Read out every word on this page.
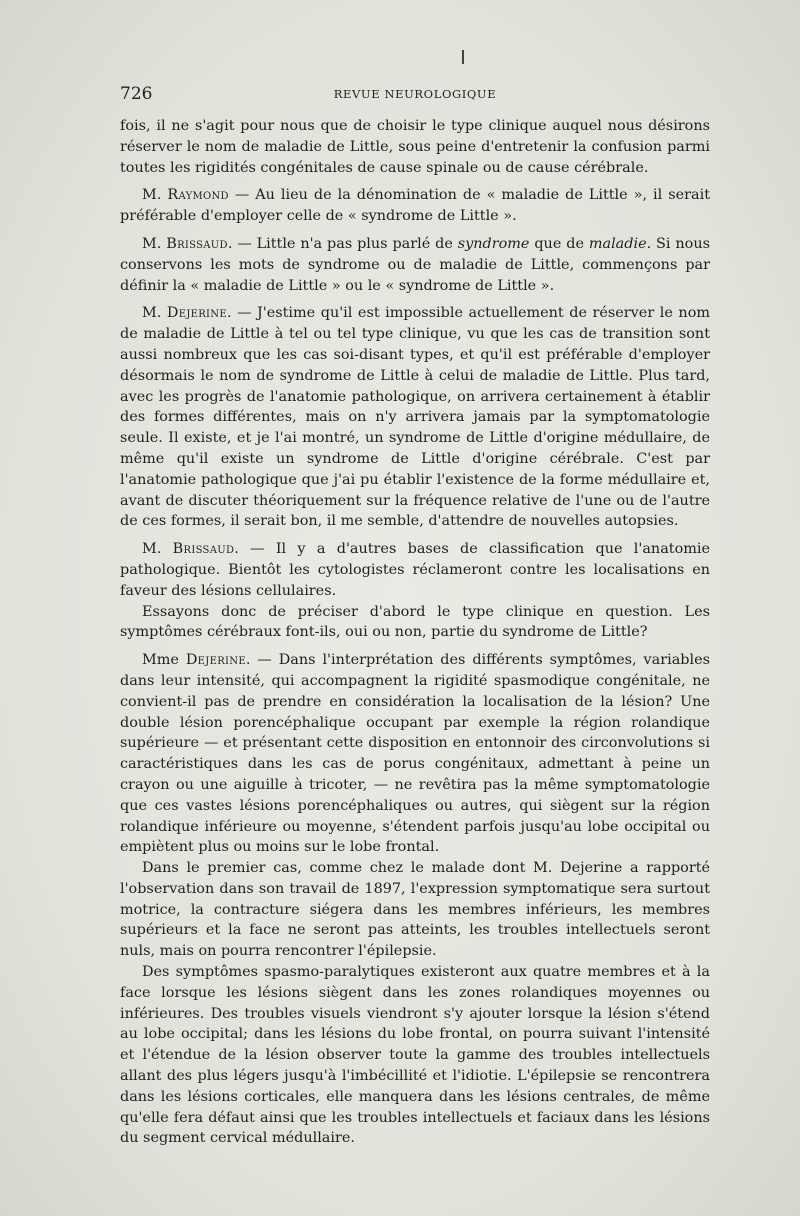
726	REVUE NEUROLOGIQUE

fois, il ne s'agit pour nous que de choisir le type clinique auquel nous désirons réserver le nom de maladie de Little, sous peine d'entretenir la confusion parmi toutes les rigidités congénitales de cause spinale ou de cause cérébrale.

M. Raymond — Au lieu de la dénomination de « maladie de Little », il serait préférable d'employer celle de « syndrome de Little ».

M. Brissaud. — Little n'a pas plus parlé de syndrome que de maladie. Si nous conservons les mots de syndrome ou de maladie de Little, commençons par définir la « maladie de Little » ou le « syndrome de Little ».

M. Dejerine. — J'estime qu'il est impossible actuellement de réserver le nom de maladie de Little à tel ou tel type clinique, vu que les cas de transition sont aussi nombreux que les cas soi-disant types, et qu'il est préférable d'employer désormais le nom de syndrome de Little à celui de maladie de Little. Plus tard, avec les progrès de l'anatomie pathologique, on arrivera certainement à établir des formes différentes, mais on n'y arrivera jamais par la symptomatologie seule. Il existe, et je l'ai montré, un syndrome de Little d'origine médullaire, de même qu'il existe un syndrome de Little d'origine cérébrale. C'est par l'anatomie pathologique que j'ai pu établir l'existence de la forme médullaire et, avant de discuter théoriquement sur la fréquence relative de l'une ou de l'autre de ces formes, il serait bon, il me semble, d'attendre de nouvelles autopsies.

M. Brissaud. — Il y a d'autres bases de classification que l'anatomie pathologique. Bientôt les cytologistes réclameront contre les localisations en faveur des lésions cellulaires.

Essayons donc de préciser d'abord le type clinique en question. Les symptômes cérébraux font-ils, oui ou non, partie du syndrome de Little?

Mme Dejerine. — Dans l'interprétation des différents symptômes, variables dans leur intensité, qui accompagnent la rigidité spasmodique congénitale, ne convient-il pas de prendre en considération la localisation de la lésion? Une double lésion porencéphalique occupant par exemple la région rolandique supérieure — et présentant cette disposition en entonnoir des circonvolutions si caractéristiques dans les cas de porus congénitaux, admettant à peine un crayon ou une aiguille à tricoter, — ne revêtira pas la même symptomatologie que ces vastes lésions porencéphaliques ou autres, qui siègent sur la région rolandique inférieure ou moyenne, s'étendent parfois jusqu'au lobe occipital ou empiètent plus ou moins sur le lobe frontal.

Dans le premier cas, comme chez le malade dont M. Dejerine a rapporté l'observation dans son travail de 1897, l'expression symptomatique sera surtout motrice, la contracture siégera dans les membres inférieurs, les membres supérieurs et la face ne seront pas atteints, les troubles intellectuels seront nuls, mais on pourra rencontrer l'épilepsie.

Des symptômes spasmo-paralytiques existeront aux quatre membres et à la face lorsque les lésions siègent dans les zones rolandiques moyennes ou inférieures. Des troubles visuels viendront s'y ajouter lorsque la lésion s'étend au lobe occipital; dans les lésions du lobe frontal, on pourra suivant l'intensité et l'étendue de la lésion observer toute la gamme des troubles intellectuels allant des plus légers jusqu'à l'imbécillité et l'idiotie. L'épilepsie se rencontrera dans les lésions corticales, elle manquera dans les lésions centrales, de même qu'elle fera défaut ainsi que les troubles intellectuels et faciaux dans les lésions du segment cervical médullaire.
